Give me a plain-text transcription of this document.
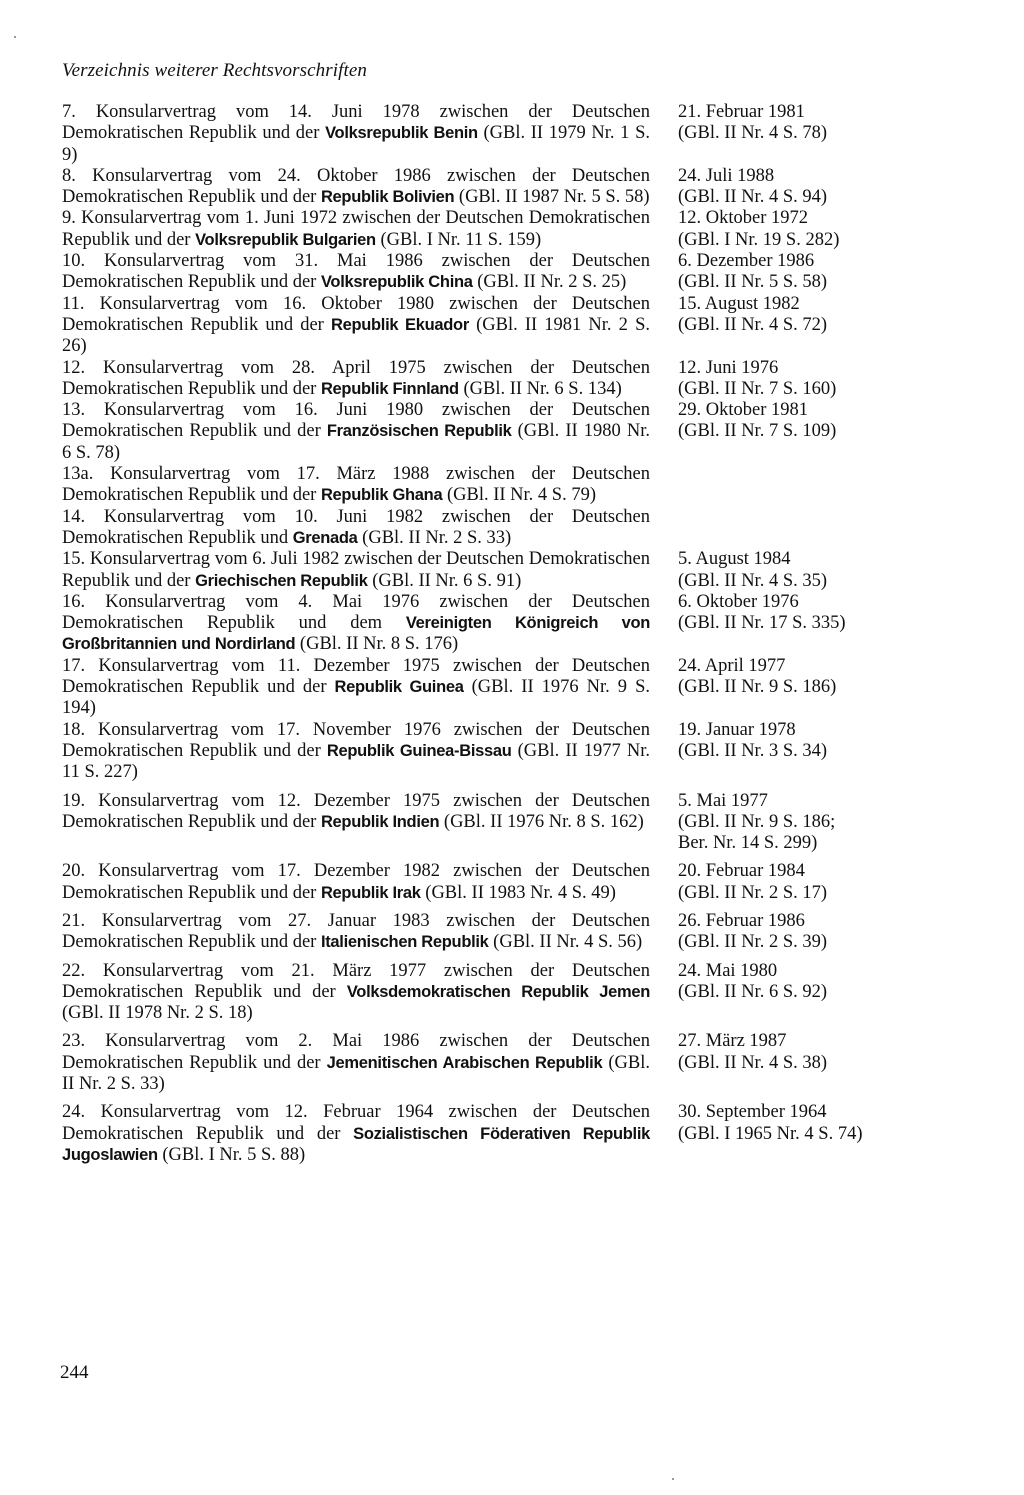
Verzeichnis weiterer Rechtsvorschriften
7. Konsularvertrag vom 14. Juni 1978 zwischen der Deutschen Demokratischen Republik und der Volksrepublik Benin (GBl. II 1979 Nr. 1 S. 9)
21. Februar 1981
(GBl. II Nr. 4 S. 78)
8. Konsularvertrag vom 24. Oktober 1986 zwischen der Deutschen Demokratischen Republik und der Republik Bolivien (GBl. II 1987 Nr. 5 S. 58)
24. Juli 1988
(GBl. II Nr. 4 S. 94)
9. Konsularvertrag vom 1. Juni 1972 zwischen der Deutschen Demokratischen Republik und der Volksrepublik Bulgarien (GBl. I Nr. 11 S. 159)
12. Oktober 1972
(GBl. I Nr. 19 S. 282)
10. Konsularvertrag vom 31. Mai 1986 zwischen der Deutschen Demokratischen Republik und der Volksrepublik China (GBl. II Nr. 2 S. 25)
6. Dezember 1986
(GBl. II Nr. 5 S. 58)
11. Konsularvertrag vom 16. Oktober 1980 zwischen der Deutschen Demokratischen Republik und der Republik Ekuador (GBl. II 1981 Nr. 2 S. 26)
15. August 1982
(GBl. II Nr. 4 S. 72)
12. Konsularvertrag vom 28. April 1975 zwischen der Deutschen Demokratischen Republik und der Republik Finnland (GBl. II Nr. 6 S. 134)
12. Juni 1976
(GBl. II Nr. 7 S. 160)
13. Konsularvertrag vom 16. Juni 1980 zwischen der Deutschen Demokratischen Republik und der Französischen Republik (GBl. II 1980 Nr. 6 S. 78)
29. Oktober 1981
(GBl. II Nr. 7 S. 109)
13a. Konsularvertrag vom 17. März 1988 zwischen der Deutschen Demokratischen Republik und der Republik Ghana (GBl. II Nr. 4 S. 79)
14. Konsularvertrag vom 10. Juni 1982 zwischen der Deutschen Demokratischen Republik und Grenada (GBl. II Nr. 2 S. 33)
15. Konsularvertrag vom 6. Juli 1982 zwischen der Deutschen Demokratischen Republik und der Griechischen Republik (GBl. II Nr. 6 S. 91)
5. August 1984
(GBl. II Nr. 4 S. 35)
16. Konsularvertrag vom 4. Mai 1976 zwischen der Deutschen Demokratischen Republik und dem Vereinigten Königreich von Großbritannien und Nordirland (GBl. II Nr. 8 S. 176)
6. Oktober 1976
(GBl. II Nr. 17 S. 335)
17. Konsularvertrag vom 11. Dezember 1975 zwischen der Deutschen Demokratischen Republik und der Republik Guinea (GBl. II 1976 Nr. 9 S. 194)
24. April 1977
(GBl. II Nr. 9 S. 186)
18. Konsularvertrag vom 17. November 1976 zwischen der Deutschen Demokratischen Republik und der Republik Guinea-Bissau (GBl. II 1977 Nr. 11 S. 227)
19. Januar 1978
(GBl. II Nr. 3 S. 34)
19. Konsularvertrag vom 12. Dezember 1975 zwischen der Deutschen Demokratischen Republik und der Republik Indien (GBl. II 1976 Nr. 8 S. 162)
5. Mai 1977
(GBl. II Nr. 9 S. 186;
Ber. Nr. 14 S. 299)
20. Konsularvertrag vom 17. Dezember 1982 zwischen der Deutschen Demokratischen Republik und der Republik Irak (GBl. II 1983 Nr. 4 S. 49)
20. Februar 1984
(GBl. II Nr. 2 S. 17)
21. Konsularvertrag vom 27. Januar 1983 zwischen der Deutschen Demokratischen Republik und der Italienischen Republik (GBl. II Nr. 4 S. 56)
26. Februar 1986
(GBl. II Nr. 2 S. 39)
22. Konsularvertrag vom 21. März 1977 zwischen der Deutschen Demokratischen Republik und der Volksdemokratischen Republik Jemen (GBl. II 1978 Nr. 2 S. 18)
24. Mai 1980
(GBl. II Nr. 6 S. 92)
23. Konsularvertrag vom 2. Mai 1986 zwischen der Deutschen Demokratischen Republik und der Jemenitischen Arabischen Republik (GBl. II Nr. 2 S. 33)
27. März 1987
(GBl. II Nr. 4 S. 38)
24. Konsularvertrag vom 12. Februar 1964 zwischen der Deutschen Demokratischen Republik und der Sozialistischen Föderativen Republik Jugoslawien (GBl. I Nr. 5 S. 88)
30. September 1964
(GBl. I 1965 Nr. 4 S. 74)
244
